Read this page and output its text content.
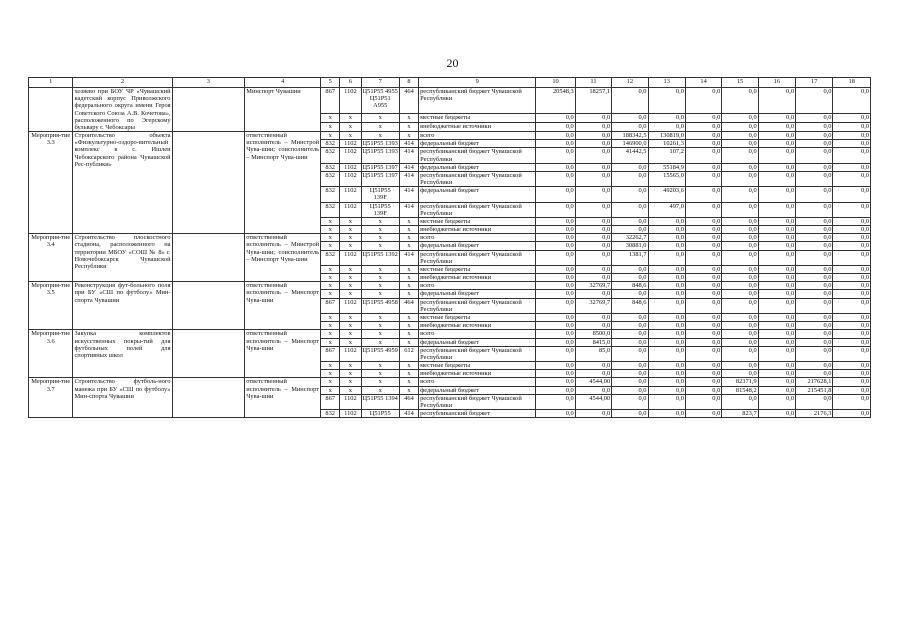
20
1	2	3	4	5	6	7	8	9	10	11	12	13	14	15	16	17	18
	хозяево при БОУ ЧР «Чувашский кадетский корпус Приволжского федерального округа имени Героя Советского Союза А.В. Кочетова», расположенного по Эгерскому бульвару г. Чебоксары		Минспорт Чувашии	867	1102	Ц51Р55 4955 Ц51Р51 А955	464	республиканский бюджет Чувашской Республики	20548,3	18257,1	0,0	0,0	0,0	0,0	0,0	0,0	0,0
				x	x	x	x	местные бюджеты	0,0	0,0	0,0	0,0	0,0	0,0	0,0	0,0	0,0
				x	x	x	x	внебюджетные источники	0,0	0,0	0,0	0,0	0,0	0,0	0,0	0,0	0,0
Мероприя-тие 3.3	Строительство объекта «Физкультурно-оздоро-вительный комплекс в с. Ишлеи Чебоксарского района Чувашской Рес-публики»		ответственный исполнитель – Минстрой Чува-шии; соисполнитель – Минспорт Чува-шии	x	x	x	x	всего	0,0	0,0	188342,5	130819,0	0,0	0,0	0,0	0,0	0,0
				832	1102	Ц51Р55 1393	414	федеральный бюджет	0,0	0,0	146900,0	10261,3	0,0	0,0	0,0	0,0	0,0
				832	1102	Ц51Р55 1393	414	республиканский бюджет Чувашской Республики	0,0	0,0	41442,5	107,2	0,0	0,0	0,0	0,0	0,0
				832	1102	Ц51Р55 1397	414	федеральный бюджет	0,0	0,0	0,0	55184,9	0,0	0,0	0,0	0,0	0,0
				832	1102	Ц51Р55 1397	414	республиканский бюджет Чувашской Республики	0,0	0,0	0,0	15565,0	0,0	0,0	0,0	0,0	0,0
				832	1102	Ц51Р55 139F	414	федеральный бюджет	0,0	0,0	0,0	49203,6	0,0	0,0	0,0	0,0	0,0
				832	1102	Ц51Р55 139F	414	республиканский бюджет Чувашской Республики	0,0	0,0	0,0	497,0	0,0	0,0	0,0	0,0	0,0
				x	x	x	x	местные бюджеты	0,0	0,0	0,0	0,0	0,0	0,0	0,0	0,0	0,0
				x	x	x	x	внебюджетные источники	0,0	0,0	0,0	0,0	0,0	0,0	0,0	0,0	0,0
Мероприя-тие 3.4	Строительство плоскостного стадиона, расположенного на территории МБОУ «СОШ № 8» г. Новочебоксарск Чувашской Республики		ответственный исполнитель – Минстрой Чува-шии; соисполнитель – Минспорт Чува-шии	x	x	x	x	всего	0,0	0,0	32262,7	0,0	0,0	0,0	0,0	0,0	0,0
				x	x	x	x	федеральный бюджет	0,0	0,0	30881,0	0,0	0,0	0,0	0,0	0,0	0,0
				832	1102	Ц51Р55 1392	414	республиканский бюджет Чувашской Республики	0,0	0,0	1381,7	0,0	0,0	0,0	0,0	0,0	0,0
				x	x	x	x	местные бюджеты	0,0	0,0	0,0	0,0	0,0	0,0	0,0	0,0	0,0
				x	x	x	x	внебюджетные источники	0,0	0,0	0,0	0,0	0,0	0,0	0,0	0,0	0,0
Мероприя-тие 3.5	Реконструкция фут-больного поля при БУ «СШ по футболу» Мин-спорта Чувашии		ответственный исполнитель – Минспорт Чува-шии	x	x	x	x	всего	0,0	32769,7	848,6	0,0	0,0	0,0	0,0	0,0	0,0
				x	x	x	x	федеральный бюджет	0,0	0,0	0,0	0,0	0,0	0,0	0,0	0,0	0,0
				867	1102	Ц51Р55 4958	464	республиканский бюджет Чувашской Республики	0,0	32769,7	848,6	0,0	0,0	0,0	0,0	0,0	0,0
				x	x	x	x	местные бюджеты	0,0	0,0	0,0	0,0	0,0	0,0	0,0	0,0	0,0
				x	x	x	x	внебюджетные источники	0,0	0,0	0,0	0,0	0,0	0,0	0,0	0,0	0,0
Мероприя-тие 3.6	Закупка комплектов искусственных покры-тий для футбольных полей для спортивных школ		ответственный исполнитель – Минспорт Чува-шии	x	x	x	x	всего	0,0	8500,0	0,0	0,0	0,0	0,0	0,0	0,0	0,0
				x	x	x	x	федеральный бюджет	0,0	8415,0	0,0	0,0	0,0	0,0	0,0	0,0	0,0
				867	1102	Ц51Р55 4959	612	республиканский бюджет Чувашской Республики	0,0	85,0	0,0	0,0	0,0	0,0	0,0	0,0	0,0
				x	x	x	x	местные бюджеты	0,0	0,0	0,0	0,0	0,0	0,0	0,0	0,0	0,0
				x	x	x	x	внебюджетные источники	0,0	0,0	0,0	0,0	0,0	0,0	0,0	0,0	0,0
Мероприя-тие 3.7	Строительство футболь-ного манежа при БУ «СШ по футболу» Мин-спорта Чувашии		ответственный исполнитель – Минспорт Чува-шии	x	x	x	x	всего	0,0	4544,00	0,0	0,0	0,0	82371,9	0,0	217628,1	0,0
				x	x	x	x	федеральный бюджет	0,0	0,0	0,0	0,0	0,0	81548,2	0,0	215451,8	0,0
				867	1102	Ц51Р55 1394	464	республиканский бюджет Чувашской Республики	0,0	4544,00	0,0	0,0	0,0	0,0	0,0	0,0	0,0
				832	1102	Ц51Р55	414	республиканский бюджет	0,0	0,0	0,0	0,0	0,0	823,7	0,0	2176,3	0,0
